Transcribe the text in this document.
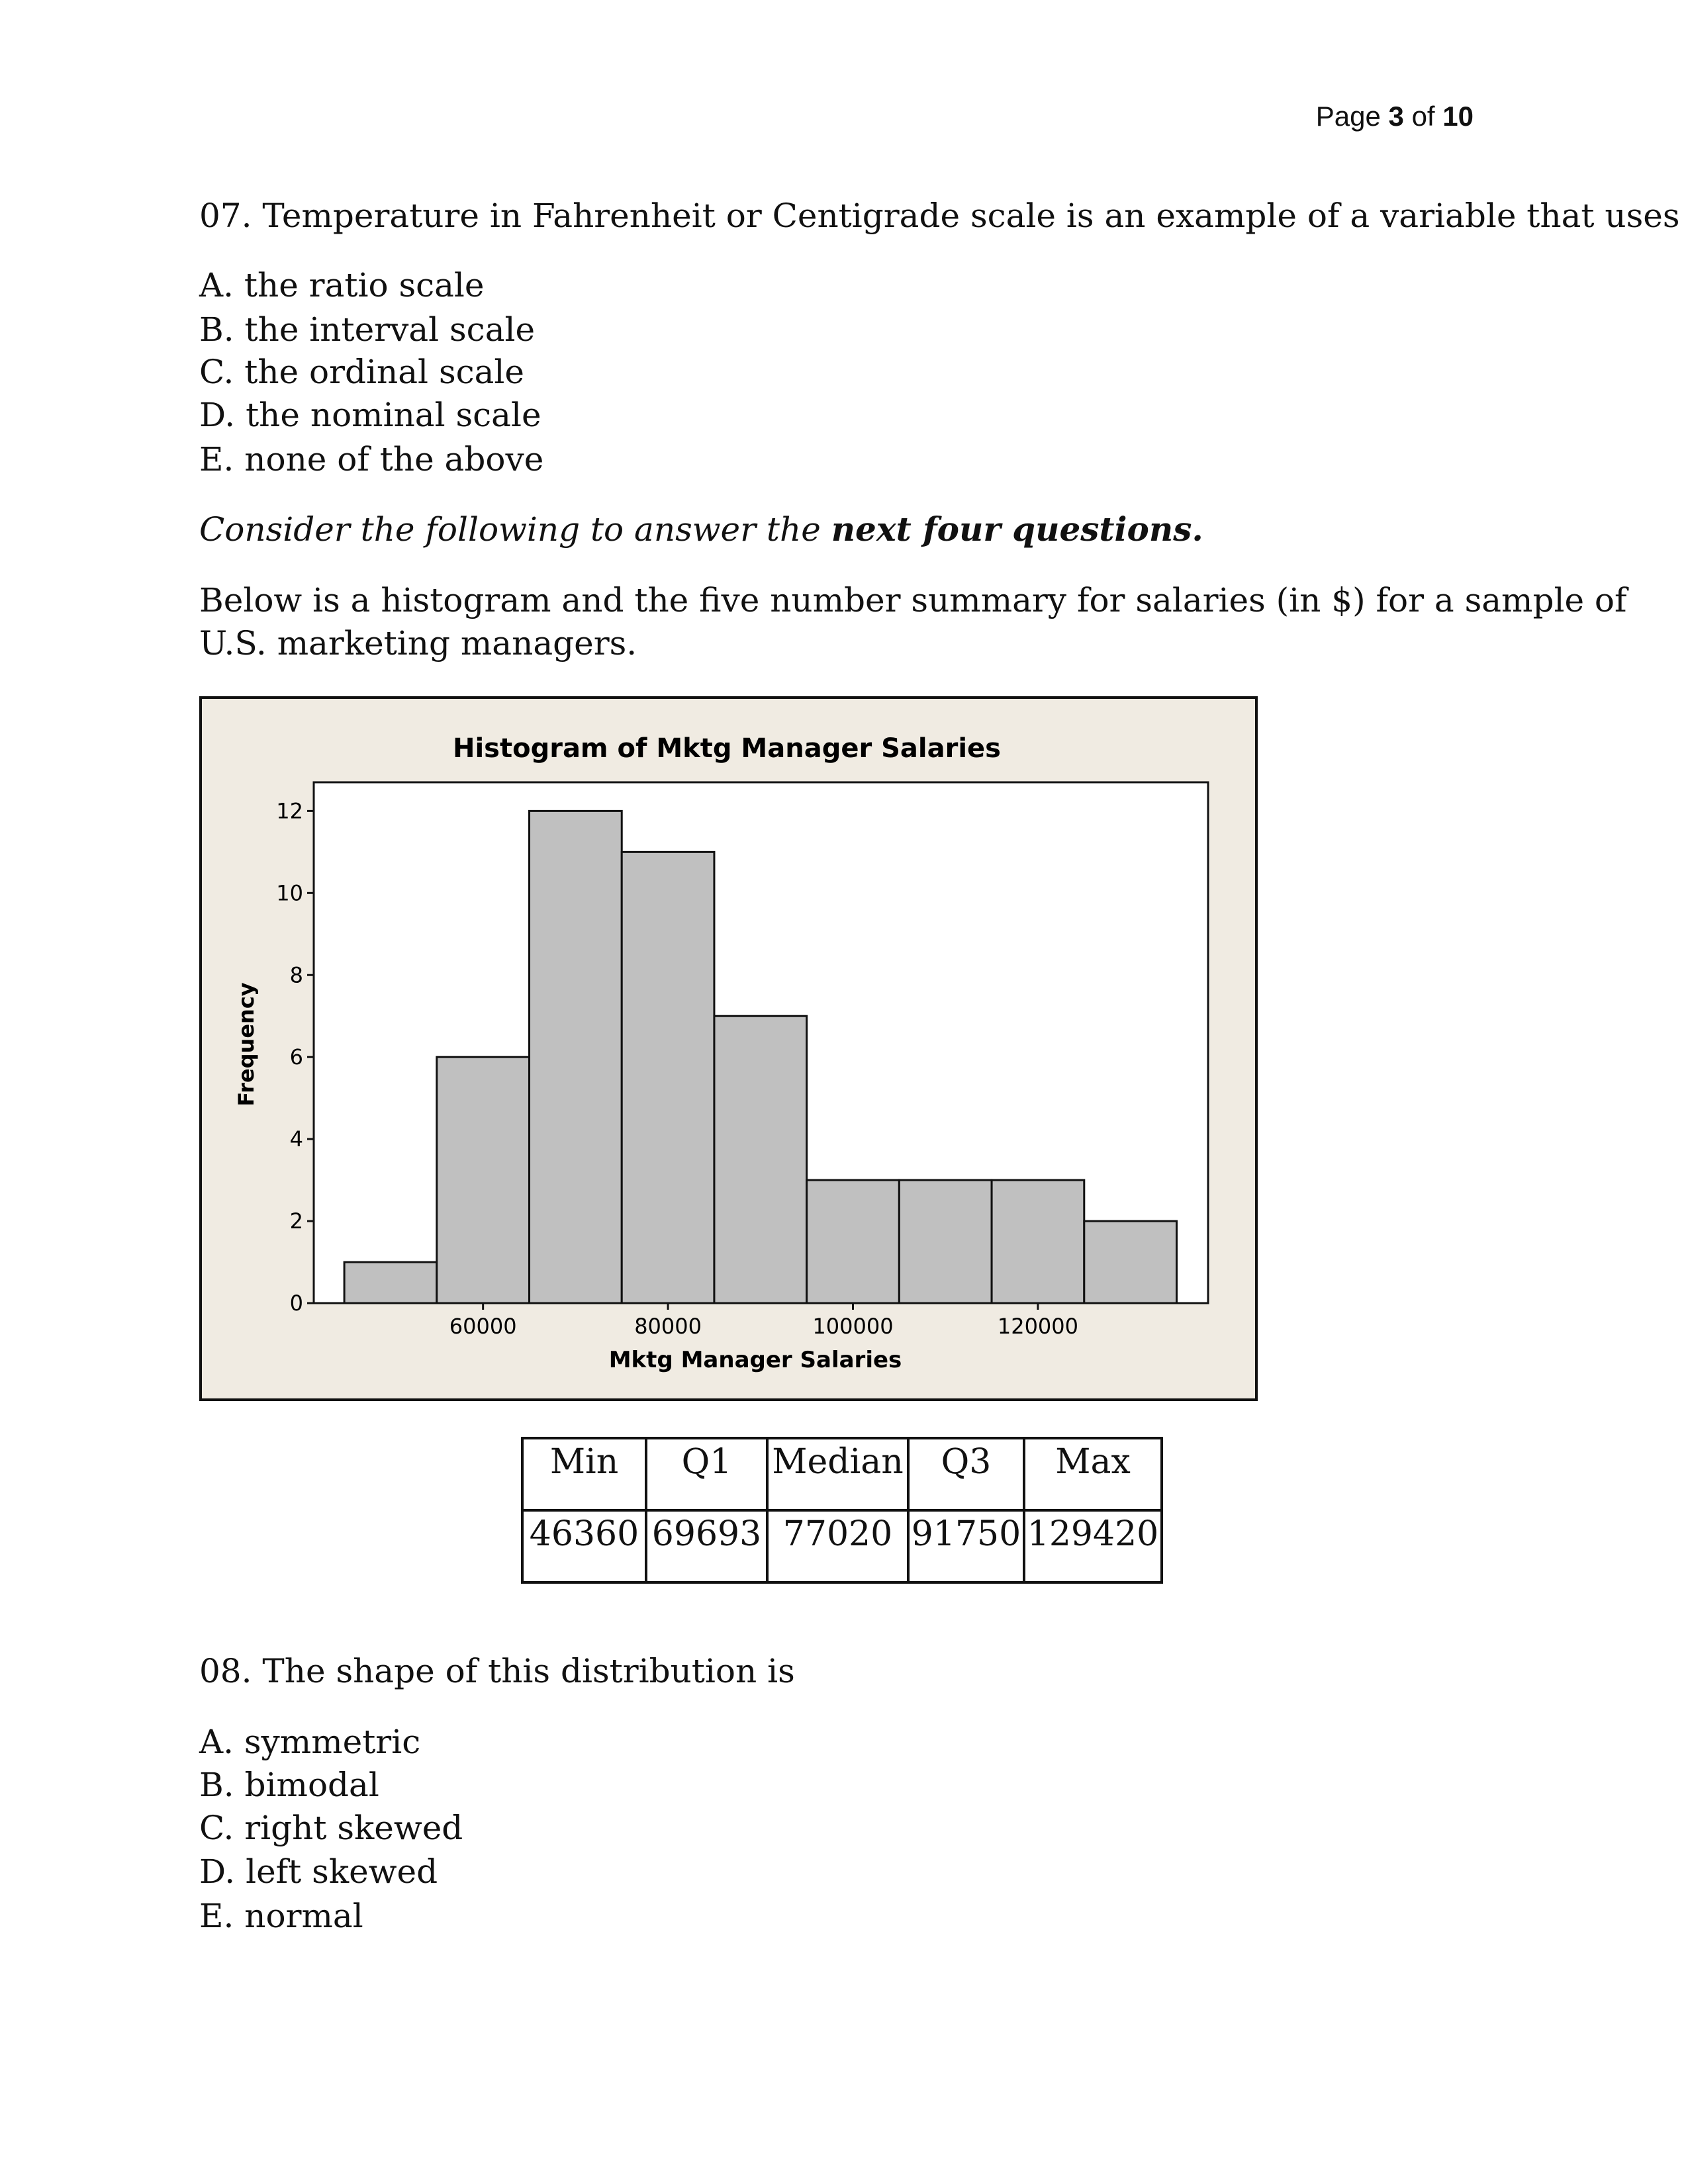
Page 3 of 10
07. Temperature in Fahrenheit or Centigrade scale is an example of a variable that uses
A. the ratio scale
B. the interval scale
C. the ordinal scale
D. the nominal scale
E. none of the above
Consider the following to answer the next four questions.
Below is a histogram and the five number summary for salaries (in $) for a sample of
U.S. marketing managers.
Histogram of Mktg Manager Salaries
60000	80000	100000	120000
0
2
4
6
8
10
12
Mktg Manager Salaries
Frequency
Min	Q1	Median	Q3	Max
46360	69693	77020	91750	129420
08. The shape of this distribution is
A. symmetric
B. bimodal
C. right skewed
D. left skewed
E. normal
